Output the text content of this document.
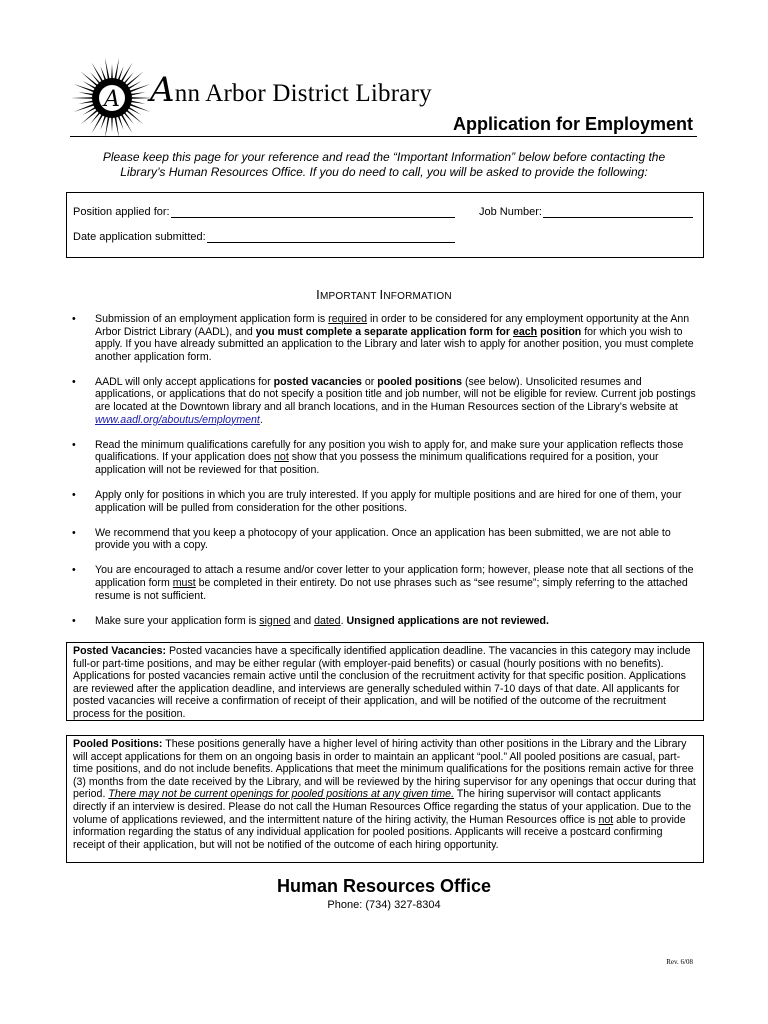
A Ann Arbor District Library
Application for Employment
Please keep this page for your reference and read the “Important Information” below before contacting the
Library’s Human Resources Office. If you do need to call, you will be asked to provide the following:
Position applied for:	Job Number:
Date application submitted:
IMPORTANT INFORMATION
• Submission of an employment application form is required in order to be considered for any employment opportunity at the Ann Arbor District Library (AADL), and you must complete a separate application form for each position for which you wish to apply. If you have already submitted an application to the Library and later wish to apply for another position, you must complete another application form.
• AADL will only accept applications for posted vacancies or pooled positions (see below). Unsolicited resumes and applications, or applications that do not specify a position title and job number, will not be eligible for review. Current job postings are located at the Downtown library and all branch locations, and in the Human Resources section of the Library’s website at www.aadl.org/aboutus/employment.
• Read the minimum qualifications carefully for any position you wish to apply for, and make sure your application reflects those qualifications. If your application does not show that you possess the minimum qualifications required for a position, your application will not be reviewed for that position.
• Apply only for positions in which you are truly interested. If you apply for multiple positions and are hired for one of them, your application will be pulled from consideration for the other positions.
• We recommend that you keep a photocopy of your application. Once an application has been submitted, we are not able to provide you with a copy.
• You are encouraged to attach a resume and/or cover letter to your application form; however, please note that all sections of the application form must be completed in their entirety. Do not use phrases such as “see resume”; simply referring to the attached resume is not sufficient.
• Make sure your application form is signed and dated. Unsigned applications are not reviewed.
Posted Vacancies: Posted vacancies have a specifically identified application deadline. The vacancies in this category may include full-or part-time positions, and may be either regular (with employer-paid benefits) or casual (hourly positions with no benefits). Applications for posted vacancies remain active until the conclusion of the recruitment activity for that specific position. Applications are reviewed after the application deadline, and interviews are generally scheduled within 7-10 days of that date. All applicants for posted vacancies will receive a confirmation of receipt of their application, and will be notified of the outcome of the recruitment process for the position.
Pooled Positions: These positions generally have a higher level of hiring activity than other positions in the Library and the Library will accept applications for them on an ongoing basis in order to maintain an applicant “pool.” All pooled positions are casual, part-time positions, and do not include benefits. Applications that meet the minimum qualifications for the positions remain active for three (3) months from the date received by the Library, and will be reviewed by the hiring supervisor for any openings that occur during that period. There may not be current openings for pooled positions at any given time. The hiring supervisor will contact applicants directly if an interview is desired. Please do not call the Human Resources Office regarding the status of your application. Due to the volume of applications reviewed, and the intermittent nature of the hiring activity, the Human Resources office is not able to provide information regarding the status of any individual application for pooled positions. Applicants will receive a postcard confirming receipt of their application, but will not be notified of the outcome of each hiring opportunity.
Human Resources Office
Phone: (734) 327-8304
Rev. 6/08
